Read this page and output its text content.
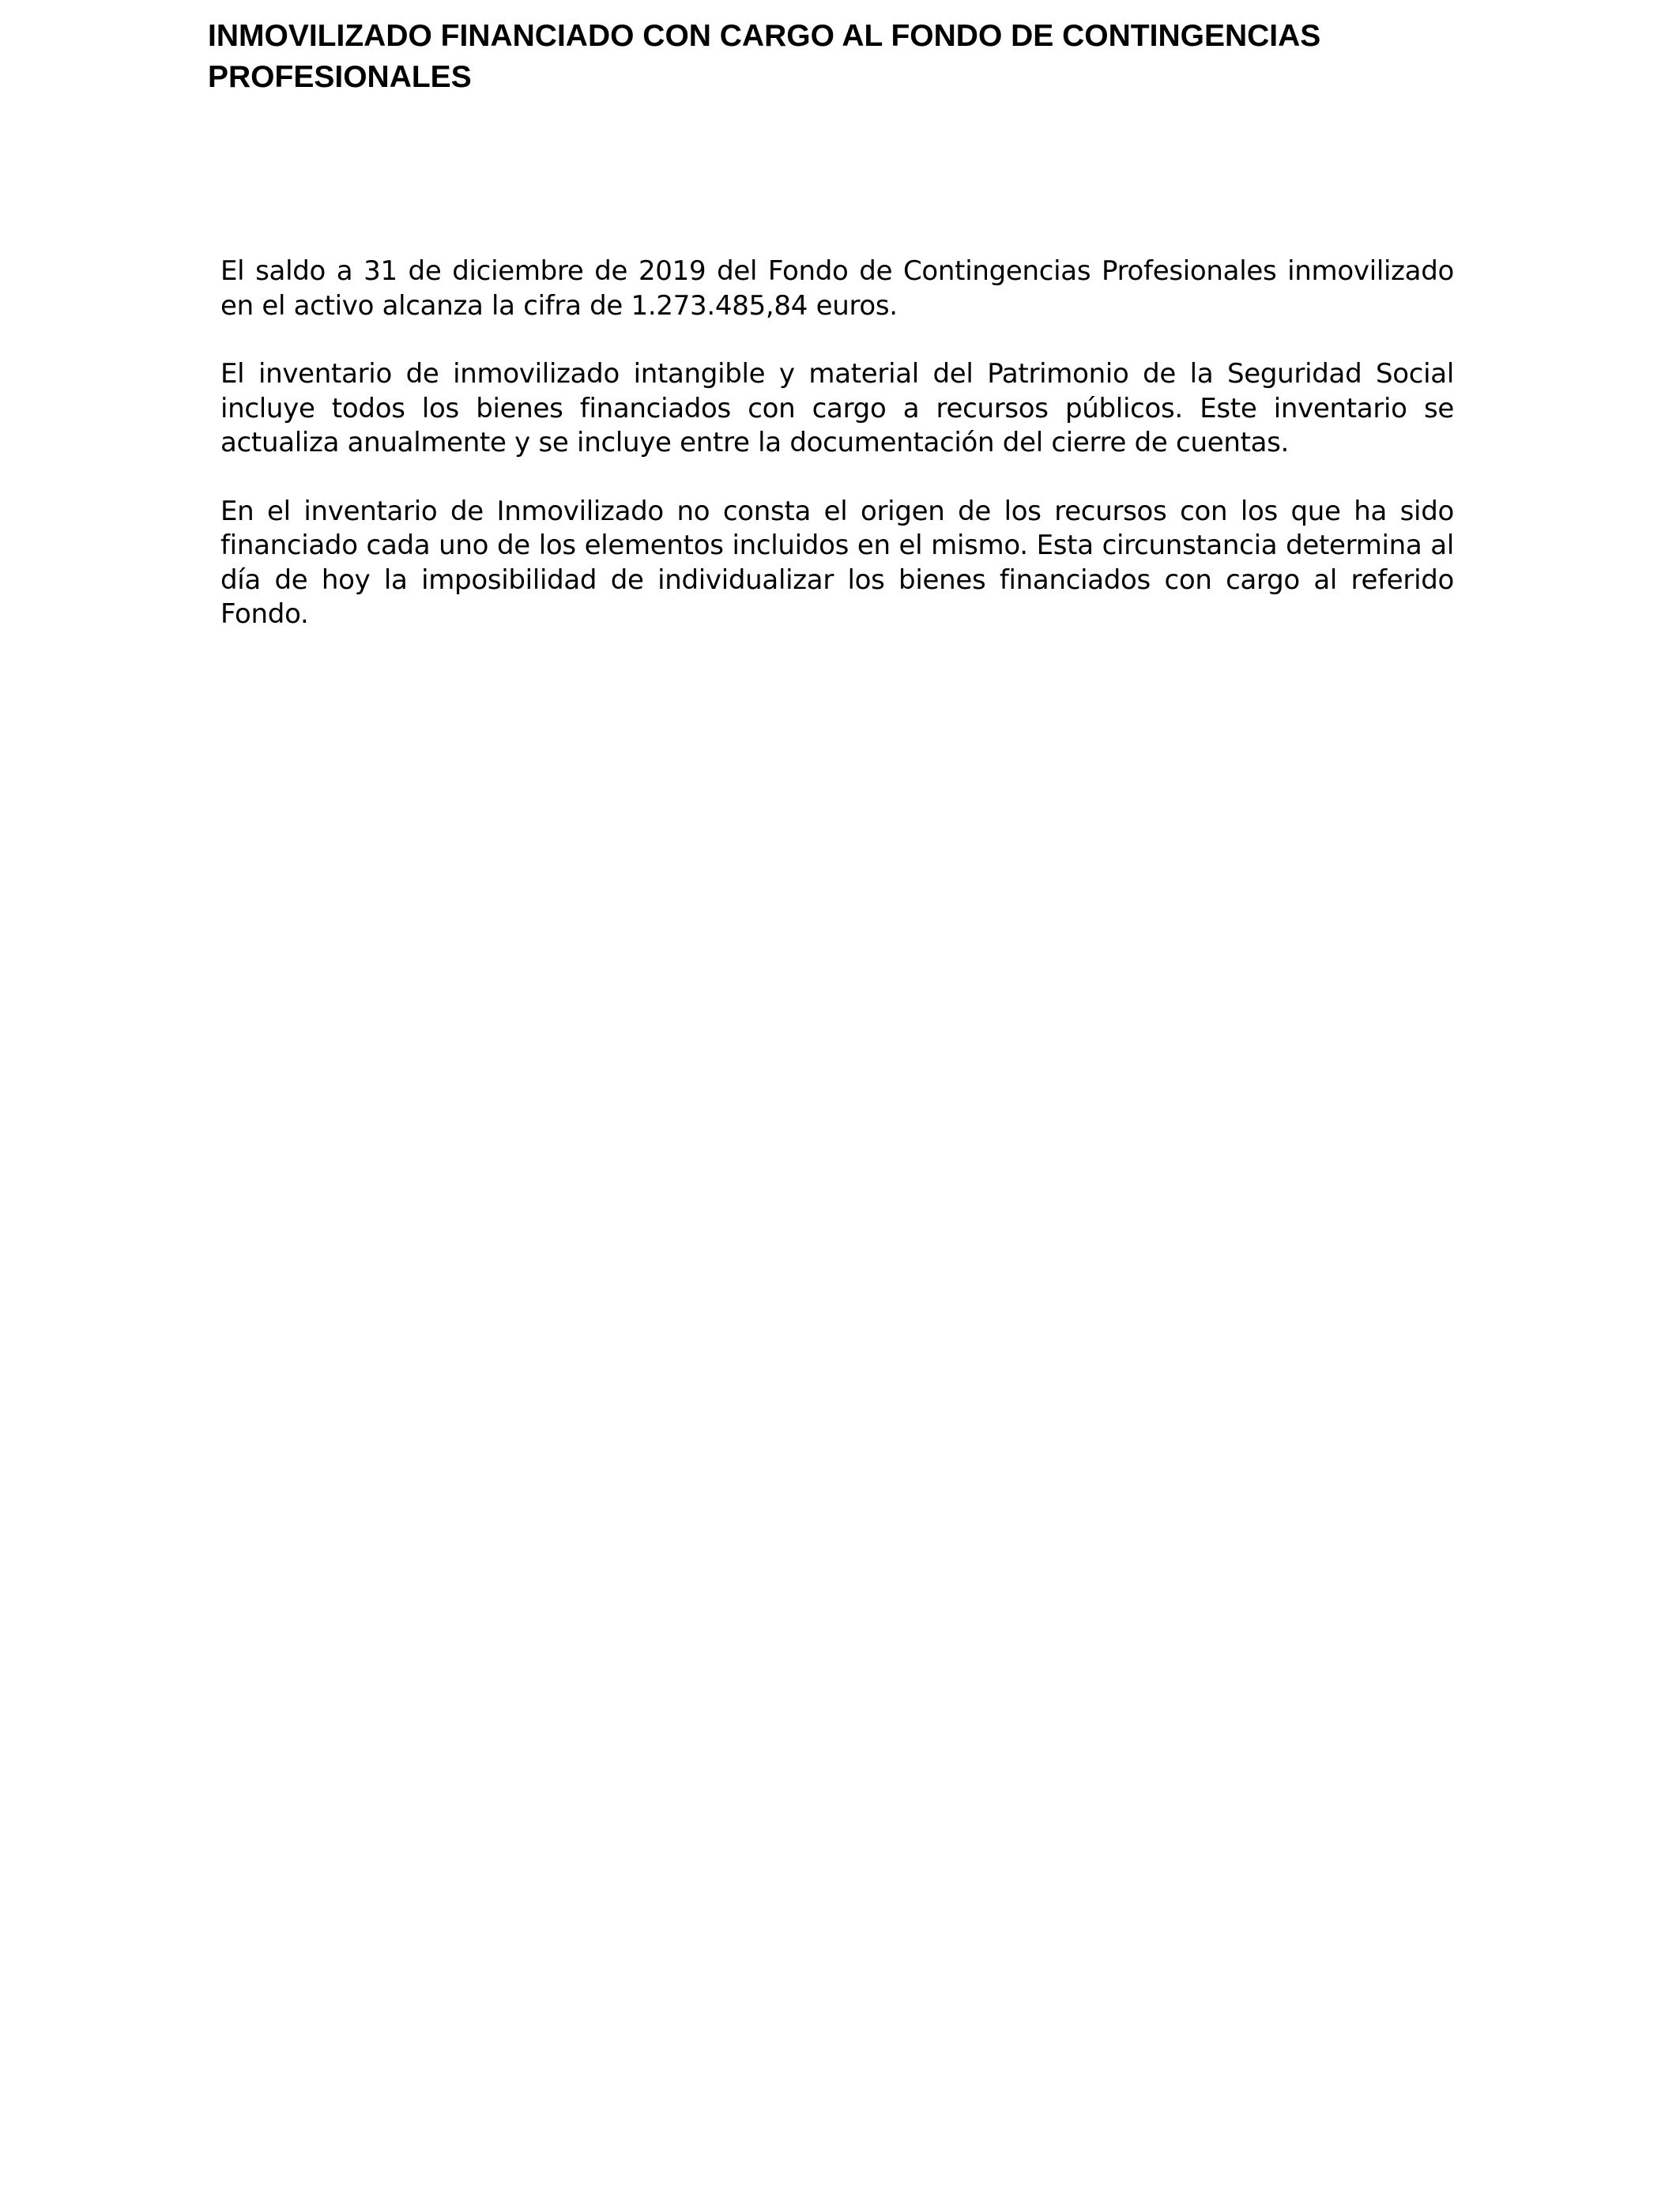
INMOVILIZADO FINANCIADO CON CARGO AL FONDO DE CONTINGENCIAS PROFESIONALES

El saldo a 31 de diciembre de 2019 del Fondo de Contingencias Profesionales inmovilizado en el activo alcanza la cifra de 1.273.485,84 euros.

El inventario de inmovilizado intangible y material del Patrimonio de la Seguridad Social incluye todos los bienes financiados con cargo a recursos públicos. Este inventario se actualiza anualmente y se incluye entre la documentación del cierre de cuentas.

En el inventario de Inmovilizado no consta el origen de los recursos con los que ha sido financiado cada uno de los elementos incluidos en el mismo. Esta circunstancia determina al día de hoy la imposibilidad de individualizar los bienes financiados con cargo al referido Fondo.
